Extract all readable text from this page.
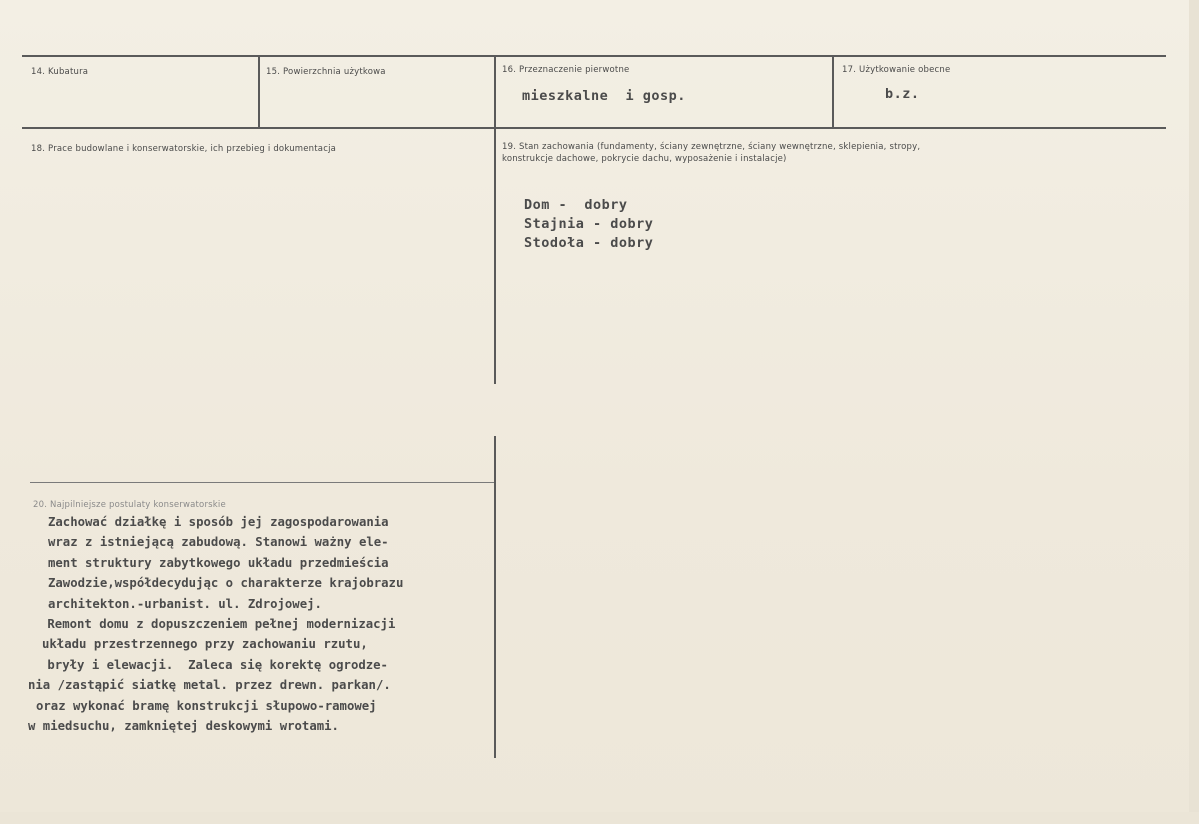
14. Kubatura	15. Powierzchnia użytkowa	16. Przeznaczenie pierwotne
mieszkalne  i gosp.
17. Użytkowanie obecne
b.z.
18. Prace budowlane i konserwatorskie, ich przebieg i dokumentacja	19. Stan zachowania (fundamenty, ściany zewnętrzne, ściany wewnętrzne, sklepienia, stropy,
konstrukcje dachowe, pokrycie dachu, wyposażenie i instalacje)
Dom -  dobry
Stajnia - dobry
Stodoła - dobry
20. Najpilniejsze postulaty konserwatorskie
Zachować działkę i sposób jej zagospodarowania
wraz z istniejącą zabudową. Stanowi ważny ele-
ment struktury zabytkowego układu przedmieścia
Zawodzie,współdecydując o charakterze krajobrazu
architekton.-urbanist. ul. Zdrojowej.
Remont domu z dopuszczeniem pełnej modernizacji
układu przestrzennego przy zachowaniu rzutu,
bryły i elewacji.  Zaleca się korektę ogrodze-
nia /zastąpić siatkę metal. przez drewn. parkan/.
oraz wykonać bramę konstrukcji słupowo-ramowej
w miedsuchu, zamkniętej deskowymi wrotami.
